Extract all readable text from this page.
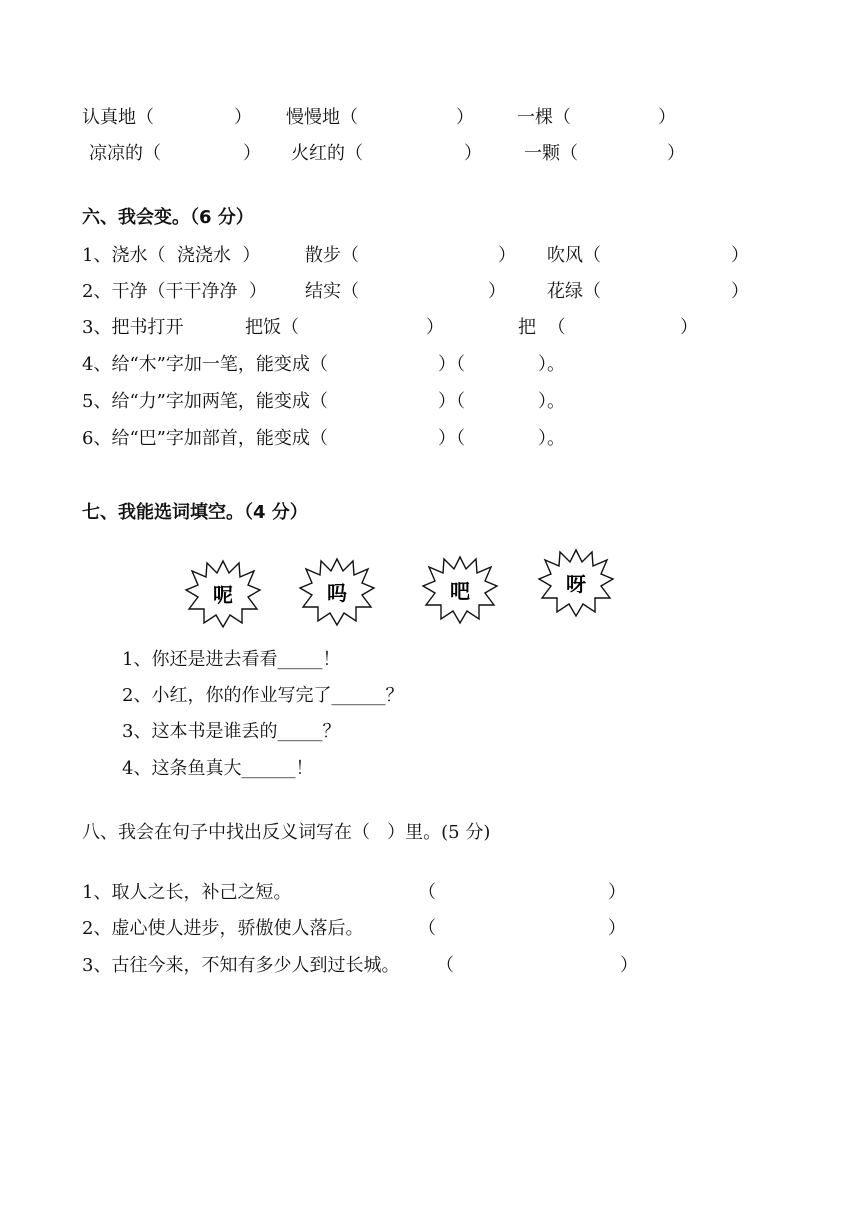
认真地（	） 慢慢地（	） 一棵（	）
凉凉的（	） 火红的（	） 一颗（	）
六、我会变。（6 分）
1、浇水（  浇浇水  ） 散步（	） 吹风（	）
2、干净（干干净净  ） 结实（	） 花绿（	）
3、把书打开	把饭（	）	把  （	）
4、给“木”字加一笔，能变成（	）（	）。
5、给“力”字加两笔，能变成（	）（	）。
6、给“巴”字加部首，能变成（	）（	）。
七、我能选词填空。（4 分）
呢	吗	吧	呀
1、你还是进去看看_____！
2、小红，你的作业写完了______？
3、这本书是谁丢的_____？
4、这条鱼真大______！
八、我会在句子中找出反义词写在（   ）里。(5 分)
1、取人之长，补己之短。	（	）
2、虚心使人进步，骄傲使人落后。	（	）
3、古往今来，不知有多少人到过长城。 （	）
